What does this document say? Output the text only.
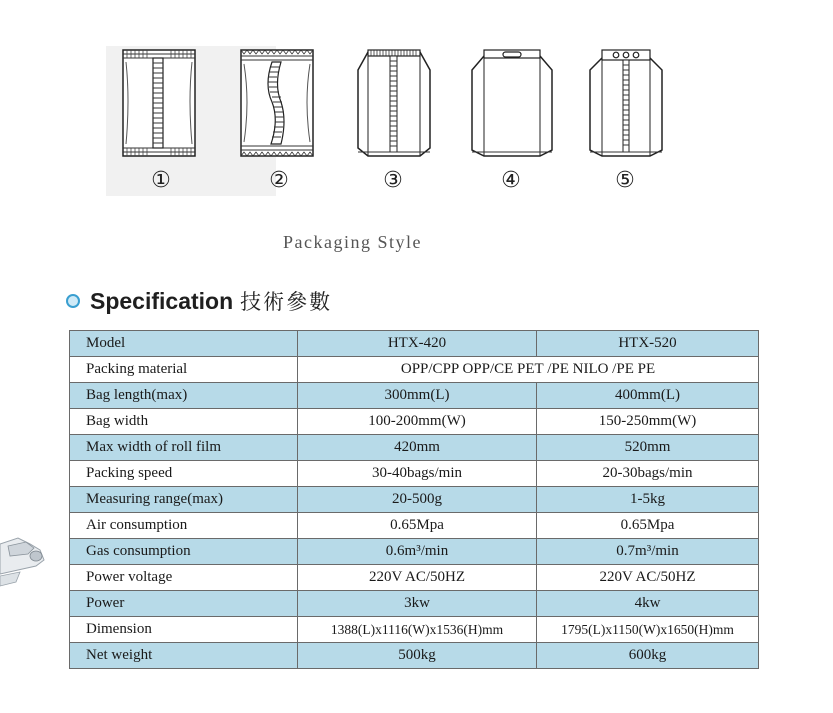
①	②	③	④	⑤
Packaging Style
Specification 技術參數
Model	HTX-420	HTX-520
Packing material	OPP/CPP OPP/CE PET /PE NILO /PE PE	
Bag length(max)	300mm(L)	400mm(L)
Bag width	100-200mm(W)	150-250mm(W)
Max width of roll film	420mm	520mm
Packing speed	30-40bags/min	20-30bags/min
Measuring range(max)	20-500g	1-5kg
Air consumption	0.65Mpa	0.65Mpa
Gas consumption	0.6m³/min	0.7m³/min
Power voltage	220V AC/50HZ	220V AC/50HZ
Power	3kw	4kw
Dimension	1388(L)x1116(W)x1536(H)mm	1795(L)x1150(W)x1650(H)mm
Net weight	500kg	600kg
